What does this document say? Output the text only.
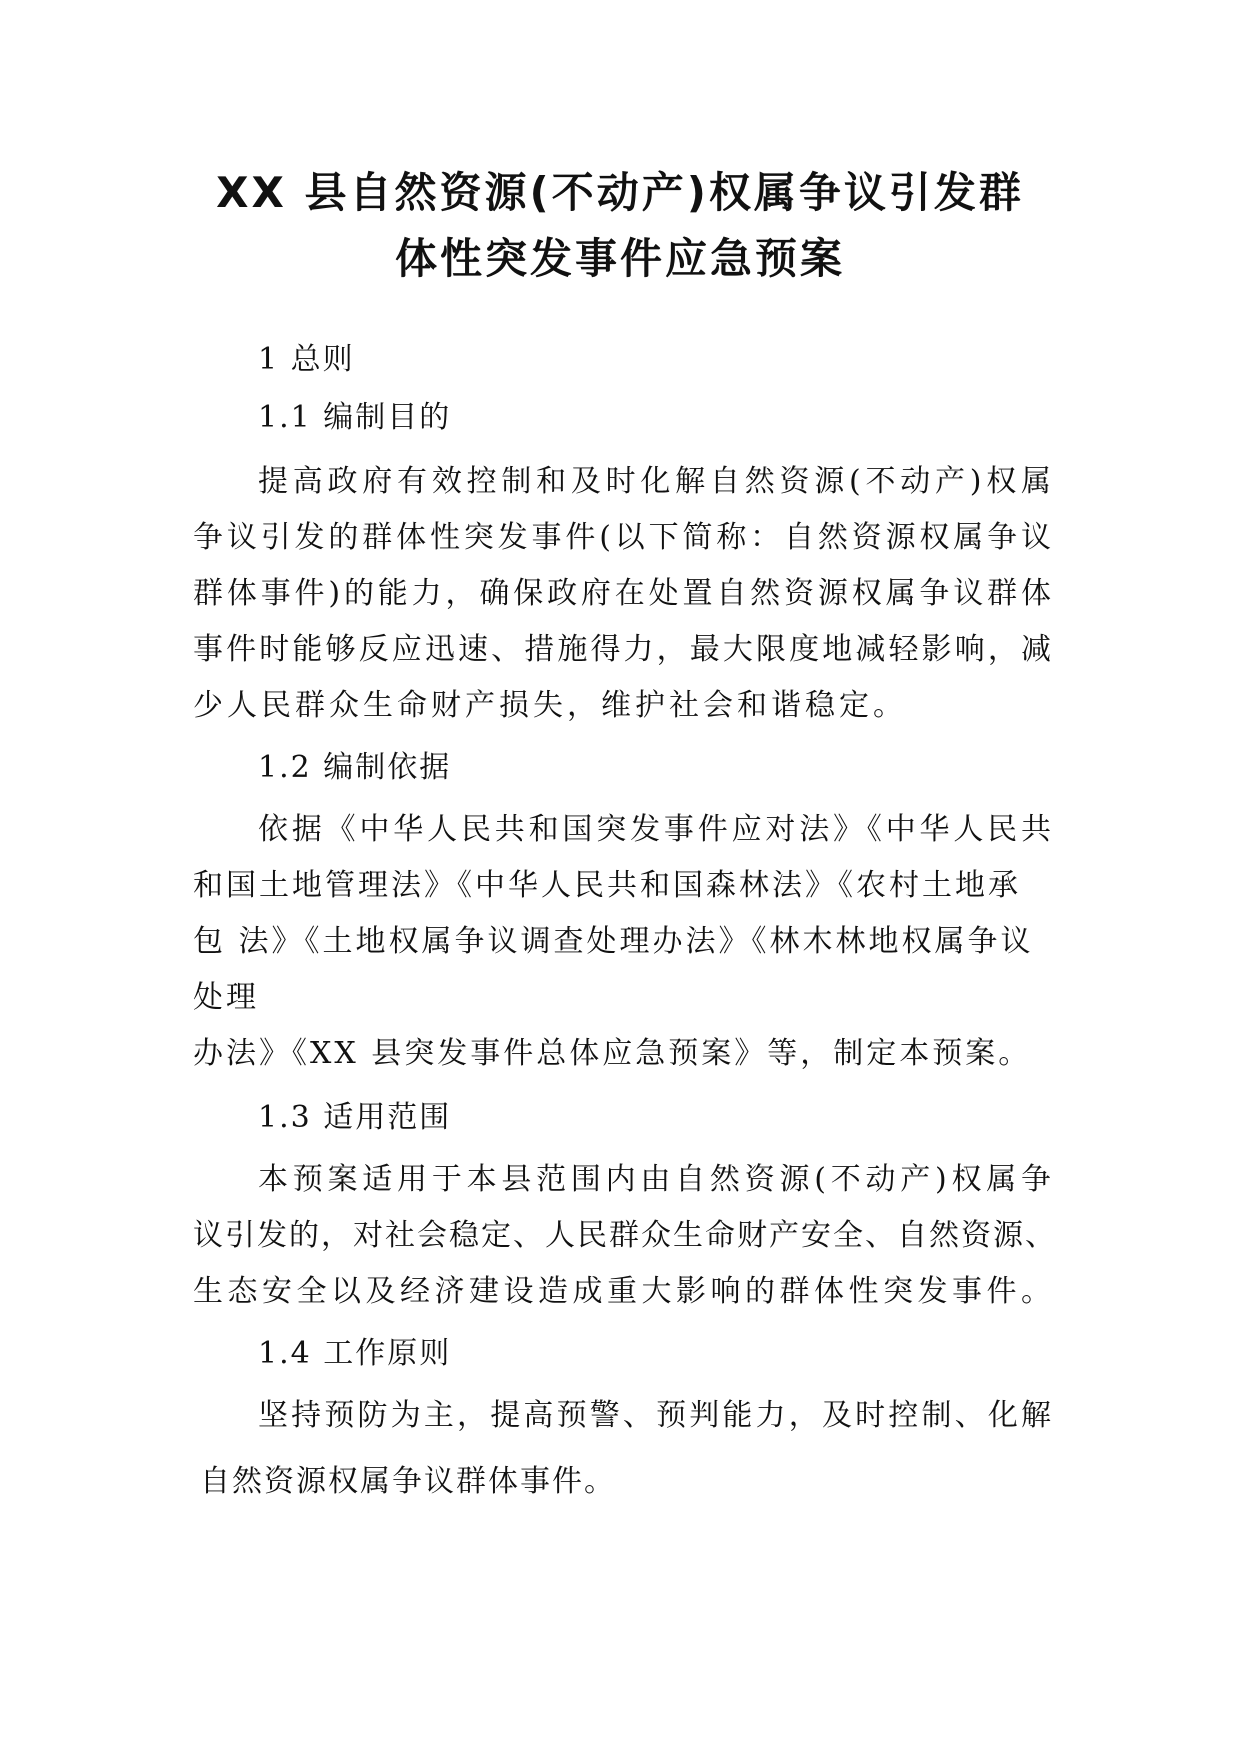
XX 县自然资源(不动产)权属争议引发群
体性突发事件应急预案
1 总则
1.1 编制目的
提高政府有效控制和及时化解自然资源(不动产)权属
争议引发的群体性突发事件(以下简称：自然资源权属争议
群体事件)的能力，确保政府在处置自然资源权属争议群体
事件时能够反应迅速、措施得力，最大限度地减轻影响，减
少人民群众生命财产损失，维护社会和谐稳定。
1.2 编制依据
依据《中华人民共和国突发事件应对法》《中华人民共
和国土地管理法》《中华人民共和国森林法》《农村土地承
包 法》《土地权属争议调查处理办法》《林木林地权属争议
处理
办法》《XX 县突发事件总体应急预案》等，制定本预案。
1.3 适用范围
本预案适用于本县范围内由自然资源(不动产)权属争
议引发的，对社会稳定、人民群众生命财产安全、自然资源、
生态安全以及经济建设造成重大影响的群体性突发事件。
1.4 工作原则
坚持预防为主，提高预警、预判能力，及时控制、化解
自然资源权属争议群体事件。
